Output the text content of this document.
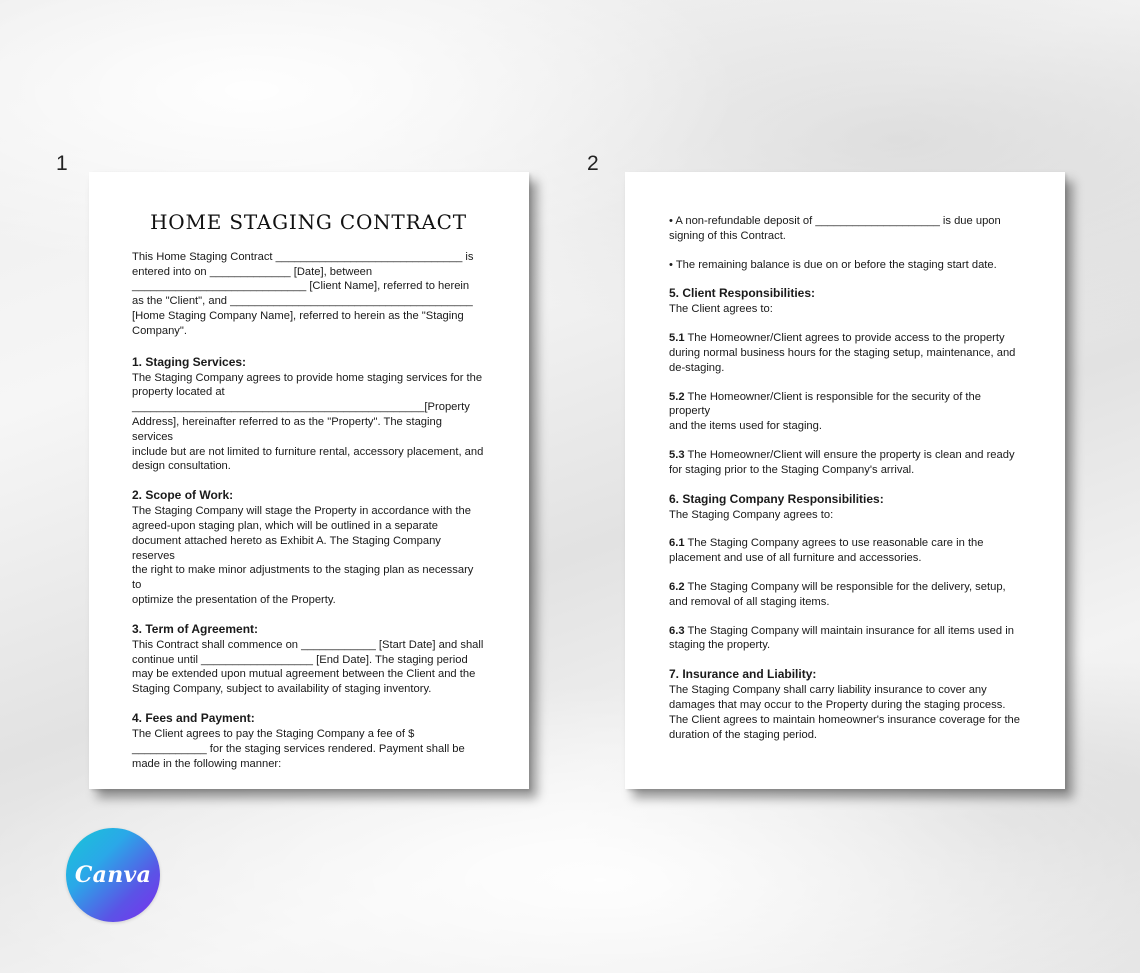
1	2
HOME STAGING CONTRACT
This Home Staging Contract ______________________________ is
entered into on _____________ [Date], between
____________________________ [Client Name], referred to herein
as the "Client", and _______________________________________
[Home Staging Company Name], referred to herein as the "Staging
Company".
1. Staging Services:
The Staging Company agrees to provide home staging services for the
property located at
_______________________________________________[Property
Address], hereinafter referred to as the "Property". The staging services
include but are not limited to furniture rental, accessory placement, and
design consultation.
2. Scope of Work:
The Staging Company will stage the Property in accordance with the
agreed-upon staging plan, which will be outlined in a separate
document attached hereto as Exhibit A. The Staging Company reserves
the right to make minor adjustments to the staging plan as necessary to
optimize the presentation of the Property.
3. Term of Agreement:
This Contract shall commence on ____________ [Start Date] and shall
continue until __________________ [End Date]. The staging period
may be extended upon mutual agreement between the Client and the
Staging Company, subject to availability of staging inventory.
4. Fees and Payment:
The Client agrees to pay the Staging Company a fee of $
____________ for the staging services rendered. Payment shall be
made in the following manner:
• A non-refundable deposit of ____________________ is due upon
signing of this Contract.
• The remaining balance is due on or before the staging start date.
5. Client Responsibilities:
The Client agrees to:
5.1 The Homeowner/Client agrees to provide access to the property
during normal business hours for the staging setup, maintenance, and
de-staging.
5.2 The Homeowner/Client is responsible for the security of the property
and the items used for staging.
5.3 The Homeowner/Client will ensure the property is clean and ready
for staging prior to the Staging Company's arrival.
6. Staging Company Responsibilities:
The Staging Company agrees to:
6.1 The Staging Company agrees to use reasonable care in the
placement and use of all furniture and accessories.
6.2 The Staging Company will be responsible for the delivery, setup,
and removal of all staging items.
6.3 The Staging Company will maintain insurance for all items used in
staging the property.
7. Insurance and Liability:
The Staging Company shall carry liability insurance to cover any
damages that may occur to the Property during the staging process.
The Client agrees to maintain homeowner's insurance coverage for the
duration of the staging period.
Canva
